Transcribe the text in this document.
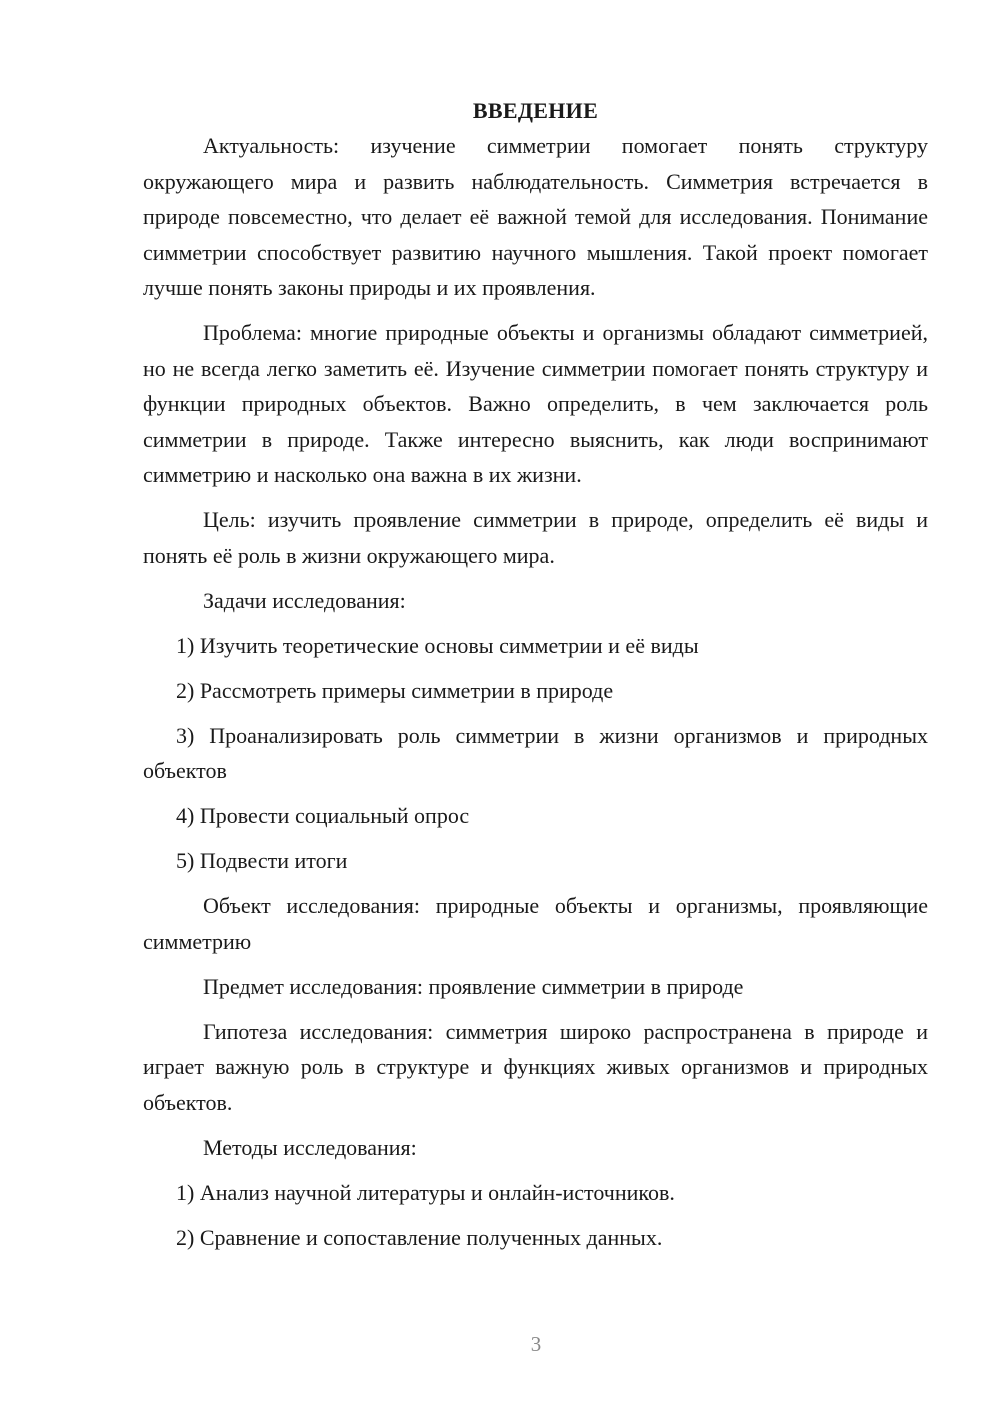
ВВЕДЕНИЕ

Актуальность: изучение симметрии помогает понять структуру окружающего мира и развить наблюдательность. Симметрия встречается в природе повсеместно, что делает её важной темой для исследования. Понимание симметрии способствует развитию научного мышления. Такой проект помогает лучше понять законы природы и их проявления.

Проблема: многие природные объекты и организмы обладают симметрией, но не всегда легко заметить её. Изучение симметрии помогает понять структуру и функции природных объектов. Важно определить, в чем заключается роль симметрии в природе. Также интересно выяснить, как люди воспринимают симметрию и насколько она важна в их жизни.

Цель: изучить проявление симметрии в природе, определить её виды и понять её роль в жизни окружающего мира.

Задачи исследования:

1) Изучить теоретические основы симметрии и её виды

2) Рассмотреть примеры симметрии в природе

3) Проанализировать роль симметрии в жизни организмов и природных объектов

4) Провести социальный опрос

5) Подвести итоги

Объект исследования: природные объекты и организмы, проявляющие симметрию

Предмет исследования: проявление симметрии в природе

Гипотеза исследования: симметрия широко распространена в природе и играет важную роль в структуре и функциях живых организмов и природных объектов.

Методы исследования:

1) Анализ научной литературы и онлайн-источников.

2) Сравнение и сопоставление полученных данных.

3
